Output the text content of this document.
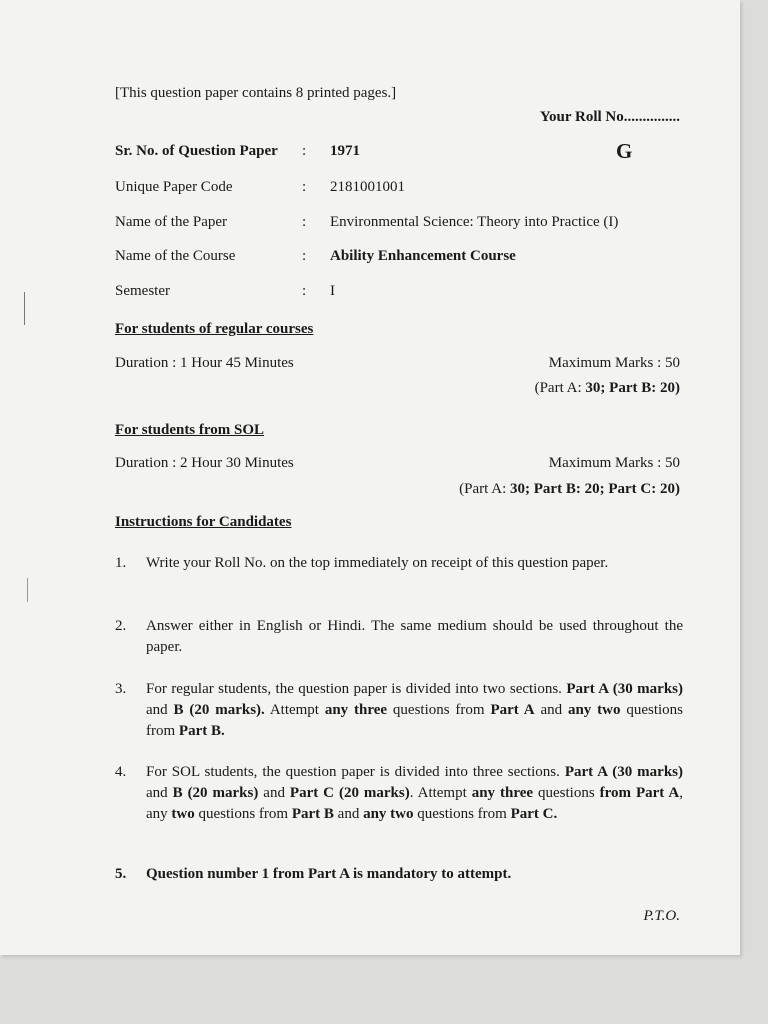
[This question paper contains 8 printed pages.]
Your Roll No...............
G
Sr. No. of Question Paper : 1971
Unique Paper Code	: 2181001001
Name of the Paper	: Environmental Science: Theory into Practice (I)
Name of the Course	: Ability Enhancement Course
Semester	: I
For students of regular courses
Duration : 1 Hour 45 Minutes	Maximum Marks : 50
(Part A: 30; Part B: 20)
For students from SOL
Duration : 2 Hour 30 Minutes	Maximum Marks : 50
(Part A: 30; Part B: 20; Part C: 20)
Instructions for Candidates
1. Write your Roll No. on the top immediately on receipt of this question paper.
2. Answer either in English or Hindi. The same medium should be used throughout the paper.
3. For regular students, the question paper is divided into two sections. Part A (30 marks) and B (20 marks). Attempt any three questions from Part A and any two questions from Part B.
4. For SOL students, the question paper is divided into three sections. Part A (30 marks) and B (20 marks) and Part C (20 marks). Attempt any three questions from Part A, any two questions from Part B and any two questions from Part C.
5. Question number 1 from Part A is mandatory to attempt.
P.T.O.
